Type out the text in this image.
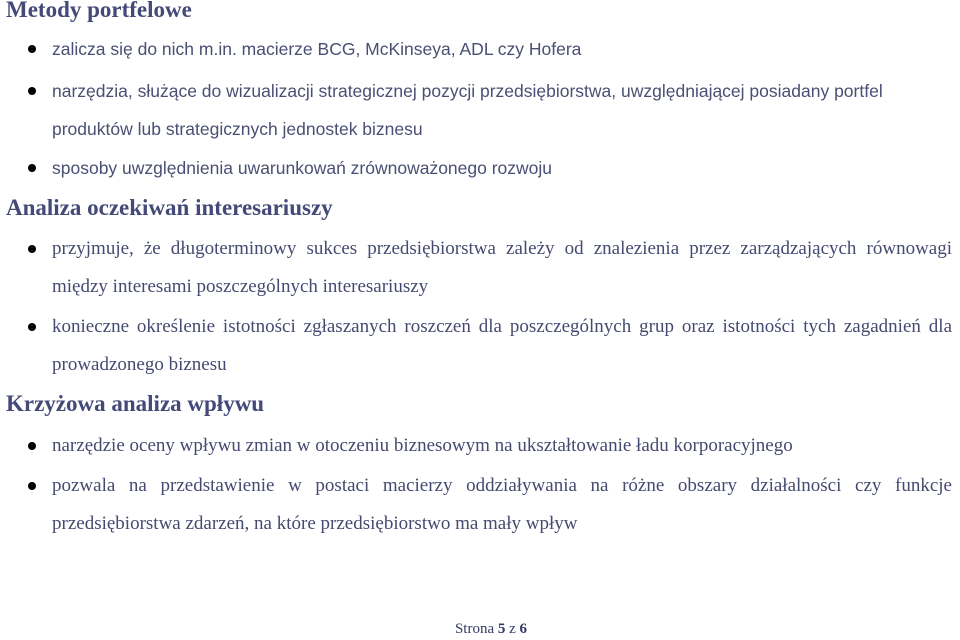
Metody portfelowe

zalicza się do nich m.in. macierze BCG, McKinseya, ADL czy Hofera

narzędzia, służące do wizualizacji strategicznej pozycji przedsiębiorstwa, uwzględniającej posiadany portfel produktów lub strategicznych jednostek biznesu

sposoby uwzględnienia uwarunkowań zrównoważonego rozwoju

Analiza oczekiwań interesariuszy

przyjmuje, że długoterminowy sukces przedsiębiorstwa zależy od znalezienia przez zarządzających równowagi między interesami poszczególnych interesariuszy

konieczne określenie istotności zgłaszanych roszczeń dla poszczególnych grup oraz istotności tych zagadnień dla prowadzonego biznesu

Krzyżowa analiza wpływu

narzędzie oceny wpływu zmian w otoczeniu biznesowym na ukształtowanie ładu korporacyjnego

pozwala na przedstawienie w postaci macierzy oddziaływania na różne obszary działalności czy funkcje przedsiębiorstwa zdarzeń, na które przedsiębiorstwo ma mały wpływ

Strona 5 z 6
